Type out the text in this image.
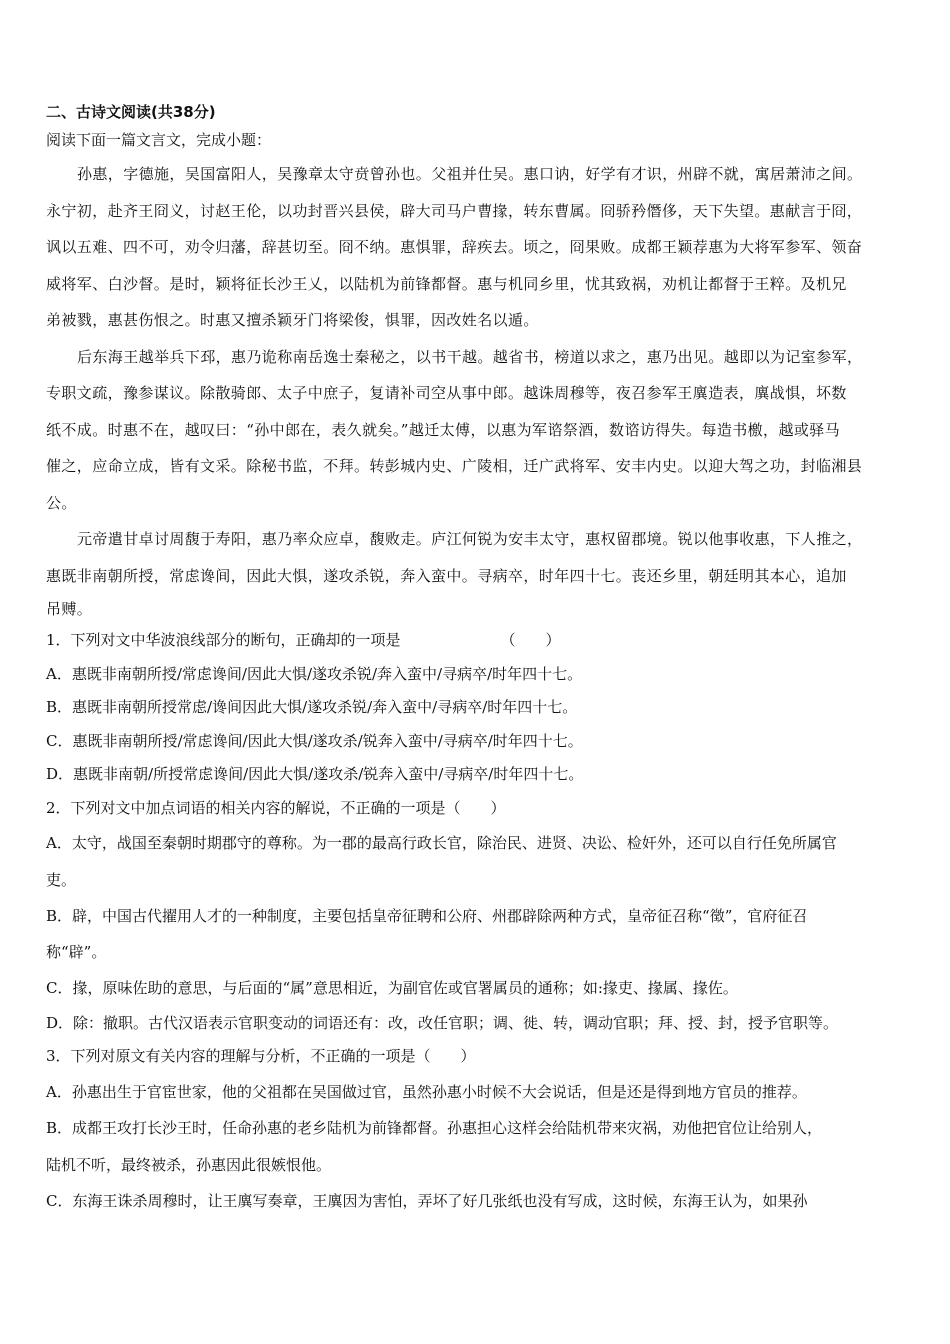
二、古诗文阅读(共38分)
阅读下面一篇文言文，完成小题：
孙惠，字德施，吴国富阳人，吴豫章太守贲曾孙也。父祖并仕吴。惠口讷，好学有才识，州辟不就，寓居萧沛之间。
永宁初，赴齐王冏义，讨赵王伦，以功封晋兴县侯，辟大司马户曹掾，转东曹属。冏骄矜僭侈，天下失望。惠献言于冏，
讽以五难、四不可，劝令归藩，辞甚切至。冏不纳。惠惧罪，辞疾去。顷之，冏果败。成都王颖荐惠为大将军参军、领奋
威将军、白沙督。是时，颖将征长沙王乂，以陆机为前锋都督。惠与机同乡里，忧其致祸，劝机让都督于王粹。及机兄
弟被戮，惠甚伤恨之。时惠又擅杀颖牙门将梁俊，惧罪，因改姓名以遁。
后东海王越举兵下邳，惠乃诡称南岳逸士秦秘之，以书干越。越省书，榜道以求之，惠乃出见。越即以为记室参军，
专职文疏，豫参谋议。除散骑郎、太子中庶子，复请补司空从事中郎。越诛周穆等，夜召参军王廙造表，廙战惧，坏数
纸不成。时惠不在，越叹曰：“孙中郎在，表久就矣。”越迁太傅，以惠为军谘祭酒，数谘访得失。每造书檄，越或驿马
催之，应命立成，皆有文采。除秘书监，不拜。转彭城内史、广陵相，迁广武将军、安丰内史。以迎大驾之功，封临湘县
公。
元帝遣甘卓讨周馥于寿阳，惠乃率众应卓，馥败走。庐江何锐为安丰太守，惠权留郡境。锐以他事收惠，下人推之，
惠既非南朝所授，常虑谗间，因此大惧，遂攻杀锐，奔入蛮中。寻病卒，时年四十七。丧还乡里，朝廷明其本心，追加
吊赙。
1．下列对文中华波浪线部分的断句，正确却的一项是	（　　）
A．惠既非南朝所授/常虑谗间/因此大惧/遂攻杀锐/奔入蛮中/寻病卒/时年四十七。
B．惠既非南朝所授常虑/谗间因此大惧/遂攻杀锐/奔入蛮中/寻病卒/时年四十七。
C．惠既非南朝所授/常虑谗间/因此大惧/遂攻杀/锐奔入蛮中/寻病卒/时年四十七。
D．惠既非南朝/所授常虑谗间/因此大惧/遂攻杀/锐奔入蛮中/寻病卒/时年四十七。
2．下列对文中加点词语的相关内容的解说，不正确的一项是（　　）
A．太守，战国至秦朝时期郡守的尊称。为一郡的最高行政长官，除治民、进贤、决讼、检奸外，还可以自行任免所属官
吏。
B．辟，中国古代擢用人才的一种制度，主要包括皇帝征聘和公府、州郡辟除两种方式，皇帝征召称“徵”，官府征召
称“辟”。
C．掾，原味佐助的意思，与后面的“属”意思相近，为副官佐或官署属员的通称；如:掾吏、掾属、掾佐。
D．除：撤职。古代汉语表示官职变动的词语还有：改，改任官职；调、徙、转，调动官职；拜、授、封，授予官职等。
3．下列对原文有关内容的理解与分析，不正确的一项是（　　）
A．孙惠出生于官宦世家，他的父祖都在吴国做过官，虽然孙惠小时候不大会说话，但是还是得到地方官员的推荐。
B．成都王攻打长沙王时，任命孙惠的老乡陆机为前锋都督。孙惠担心这样会给陆机带来灾祸，劝他把官位让给别人，
陆机不听，最终被杀，孙惠因此很嫉恨他。
C．东海王诛杀周穆时，让王廙写奏章，王廙因为害怕，弄坏了好几张纸也没有写成，这时候，东海王认为，如果孙
